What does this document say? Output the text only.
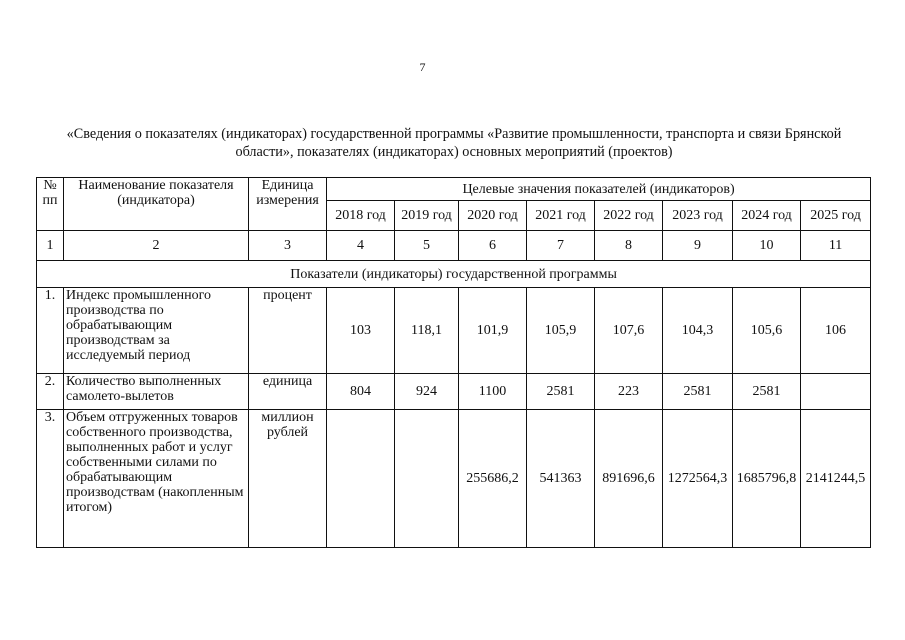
7
«Сведения о показателях (индикаторах) государственной программы «Развитие промышленности, транспорта и связи Брянской
области», показателях (индикаторах) основных мероприятий (проектов)
№ пп	Наименование показателя (индикатора)	Единица измерения	Целевые значения показателей (индикаторов)							
			2018 год	2019 год	2020 год	2021 год	2022 год	2023 год	2024 год	2025 год
1	2	3	4	5	6	7	8	9	10	11
Показатели (индикаторы) государственной программы										
1.	Индекс промышленного производства по обрабатывающим производствам за исследуемый период	процент	103	118,1	101,9	105,9	107,6	104,3	105,6	106
2.	Количество выполненных самолето-вылетов	единица	804	924	1100	2581	223	2581	2581	
3.	Объем отгруженных товаров собственного производства, выполненных работ и услуг собственными силами по обрабатывающим производствам (накопленным итогом)	миллион рублей			255686,2	541363	891696,6	1272564,3	1685796,8	2141244,5
